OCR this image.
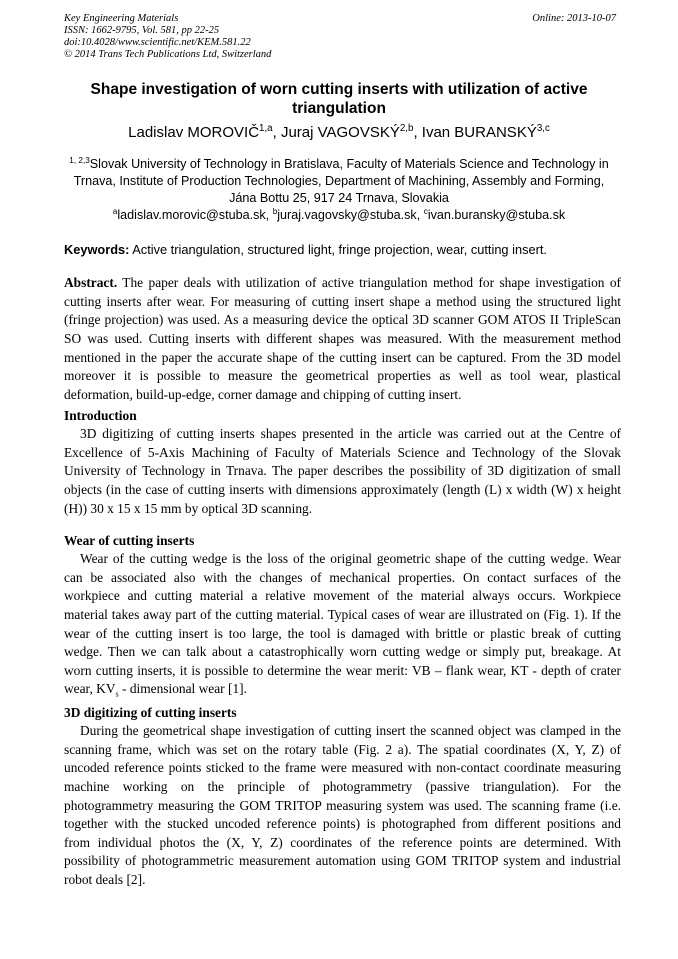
Key Engineering Materials
ISSN: 1662-9795, Vol. 581, pp 22-25
doi:10.4028/www.scientific.net/KEM.581.22
© 2014 Trans Tech Publications Ltd, Switzerland
Online: 2013-10-07
Shape investigation of worn cutting inserts with utilization of active
triangulation
Ladislav MOROVIČ$^{1,a}$, Juraj VAGOVSKÝ$^{2,b}$, Ivan BURANSKÝ$^{3,c}$
$^{1, 2,3}$Slovak University of Technology in Bratislava, Faculty of Materials Science and Technology in
Trnava, Institute of Production Technologies, Department of Machining, Assembly and Forming,
Jána Bottu 25, 917 24 Trnava, Slovakia
$^a$ladislav.morovic@stuba.sk, $^b$juraj.vagovsky@stuba.sk, $^c$ivan.buransky@stuba.sk
Keywords: Active triangulation, structured light, fringe projection, wear, cutting insert.
Abstract. The paper deals with utilization of active triangulation method for shape investigation of
cutting inserts after wear. For measuring of cutting insert shape a method using the structured light
(fringe projection) was used. As a measuring device the optical 3D scanner GOM ATOS II TripleScan
SO was used. Cutting inserts with different shapes was measured. With the measurement method
mentioned in the paper the accurate shape of the cutting insert can be captured. From the 3D model
moreover it is possible to measure the geometrical properties as well as tool wear, plastical
deformation, build-up-edge, corner damage and chipping of cutting insert.
Introduction
3D digitizing of cutting inserts shapes presented in the article was carried out at the Centre of
Excellence of 5-Axis Machining of Faculty of Materials Science and Technology of the Slovak
University of Technology in Trnava. The paper describes the possibility of 3D digitization of small
objects (in the case of cutting inserts with dimensions approximately (length (L) x width (W) x height
(H)) 30 x 15 x 15 mm by optical 3D scanning.
Wear of cutting inserts
Wear of the cutting wedge is the loss of the original geometric shape of the cutting wedge. Wear
can be associated also with the changes of mechanical properties. On contact surfaces of the
workpiece and cutting material a relative movement of the material always occurs. Workpiece
material takes away part of the cutting material. Typical cases of wear are illustrated on (Fig. 1). If the
wear of the cutting insert is too large, the tool is damaged with brittle or plastic break of cutting
wedge. Then we can talk about a catastrophically worn cutting wedge or simply put, breakage. At
worn cutting inserts, it is possible to determine the wear merit: VB – flank wear, KT - depth of crater
wear, $KV_s$ - dimensional wear [1].
3D digitizing of cutting inserts
During the geometrical shape investigation of cutting insert the scanned object was clamped in the
scanning frame, which was set on the rotary table (Fig. 2 a). The spatial coordinates (X, Y, Z) of
uncoded reference points sticked to the frame were measured with non-contact coordinate measuring
machine working on the principle of photogrammetry (passive triangulation). For the
photogrammetry measuring the GOM TRITOP measuring system was used. The scanning frame (i.e.
together with the stucked uncoded reference points) is photographed from different positions and
from individual photos the (X, Y, Z) coordinates of the reference points are determined. With
possibility of photogrammetric measurement automation using GOM TRITOP system and industrial
robot deals [2].
